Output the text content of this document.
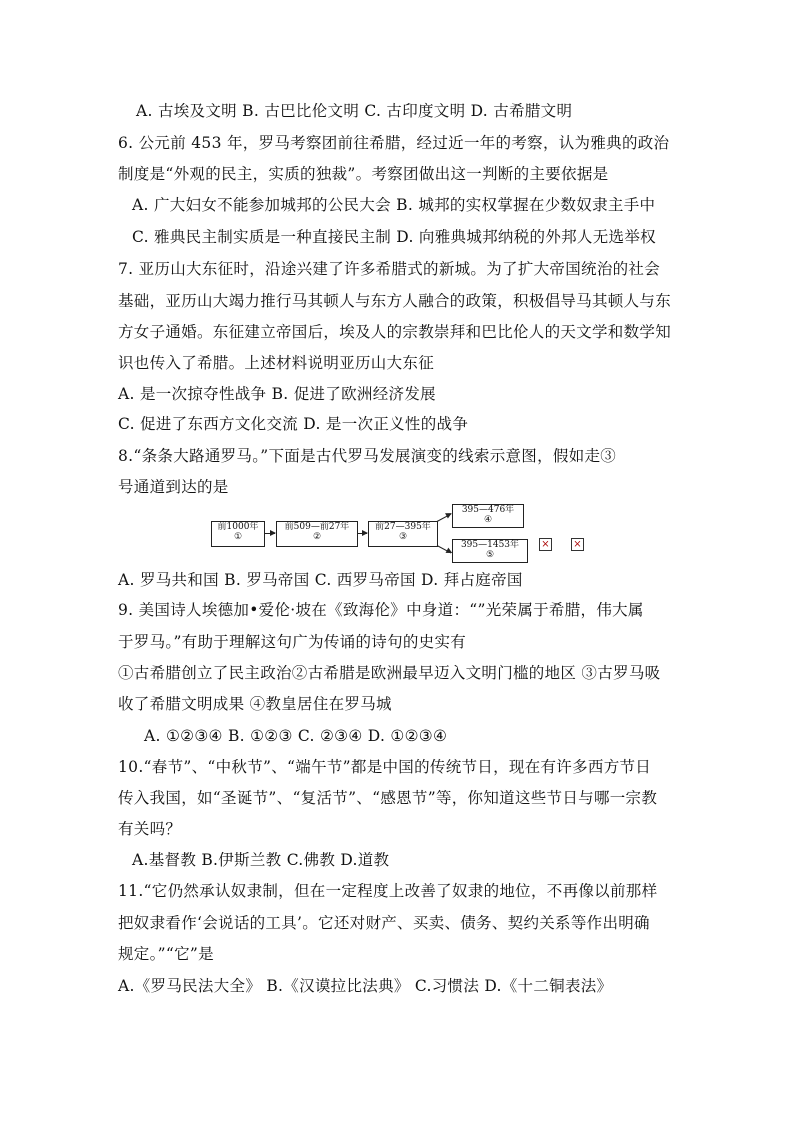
A. 古埃及文明 B. 古巴比伦文明 C. 古印度文明 D. 古希腊文明
6. 公元前 453 年，罗马考察团前往希腊，经过近一年的考察，认为雅典的政治
制度是“外观的民主，实质的独裁”。考察团做出这一判断的主要依据是
A. 广大妇女不能参加城邦的公民大会 B. 城邦的实权掌握在少数奴隶主手中
C. 雅典民主制实质是一种直接民主制 D. 向雅典城邦纳税的外邦人无选举权
7. 亚历山大东征时，沿途兴建了许多希腊式的新城。为了扩大帝国统治的社会
基础，亚历山大竭力推行马其顿人与东方人融合的政策，积极倡导马其顿人与东
方女子通婚。东征建立帝国后，埃及人的宗教崇拜和巴比伦人的天文学和数学知
识也传入了希腊。上述材料说明亚历山大东征
A. 是一次掠夺性战争 B. 促进了欧洲经济发展
C. 促进了东西方文化交流 D. 是一次正义性的战争
8.“条条大路通罗马。”下面是古代罗马发展演变的线索示意图，假如走③
号通道到达的是
前1000年
①
前509—前27年
②
前27—395年
③
395—476年
④
395—1453年
⑤
× ×
A. 罗马共和国 B. 罗马帝国 C. 西罗马帝国 D. 拜占庭帝国
9. 美国诗人埃德加•爱伦·坡在《致海伦》中身道：“”光荣属于希腊，伟大属
于罗马。”有助于理解这句广为传诵的诗句的史实有
①古希腊创立了民主政治②古希腊是欧洲最早迈入文明门槛的地区 ③古罗马吸
收了希腊文明成果 ④教皇居住在罗马城
A. ①②③④ B. ①②③ C. ②③④ D. ①②③④
10.“春节”、“中秋节”、“端午节”都是中国的传统节日，现在有许多西方节日
传入我国，如“圣诞节”、“复活节”、“感恩节”等，你知道这些节日与哪一宗教
有关吗？
A.基督教 B.伊斯兰教 C.佛教 D.道教
11.“它仍然承认奴隶制，但在一定程度上改善了奴隶的地位，不再像以前那样
把奴隶看作‘会说话的工具’。它还对财产、买卖、债务、契约关系等作出明确
规定。”“它”是
A.《罗马民法大全》 B.《汉谟拉比法典》 C.习惯法 D.《十二铜表法》
